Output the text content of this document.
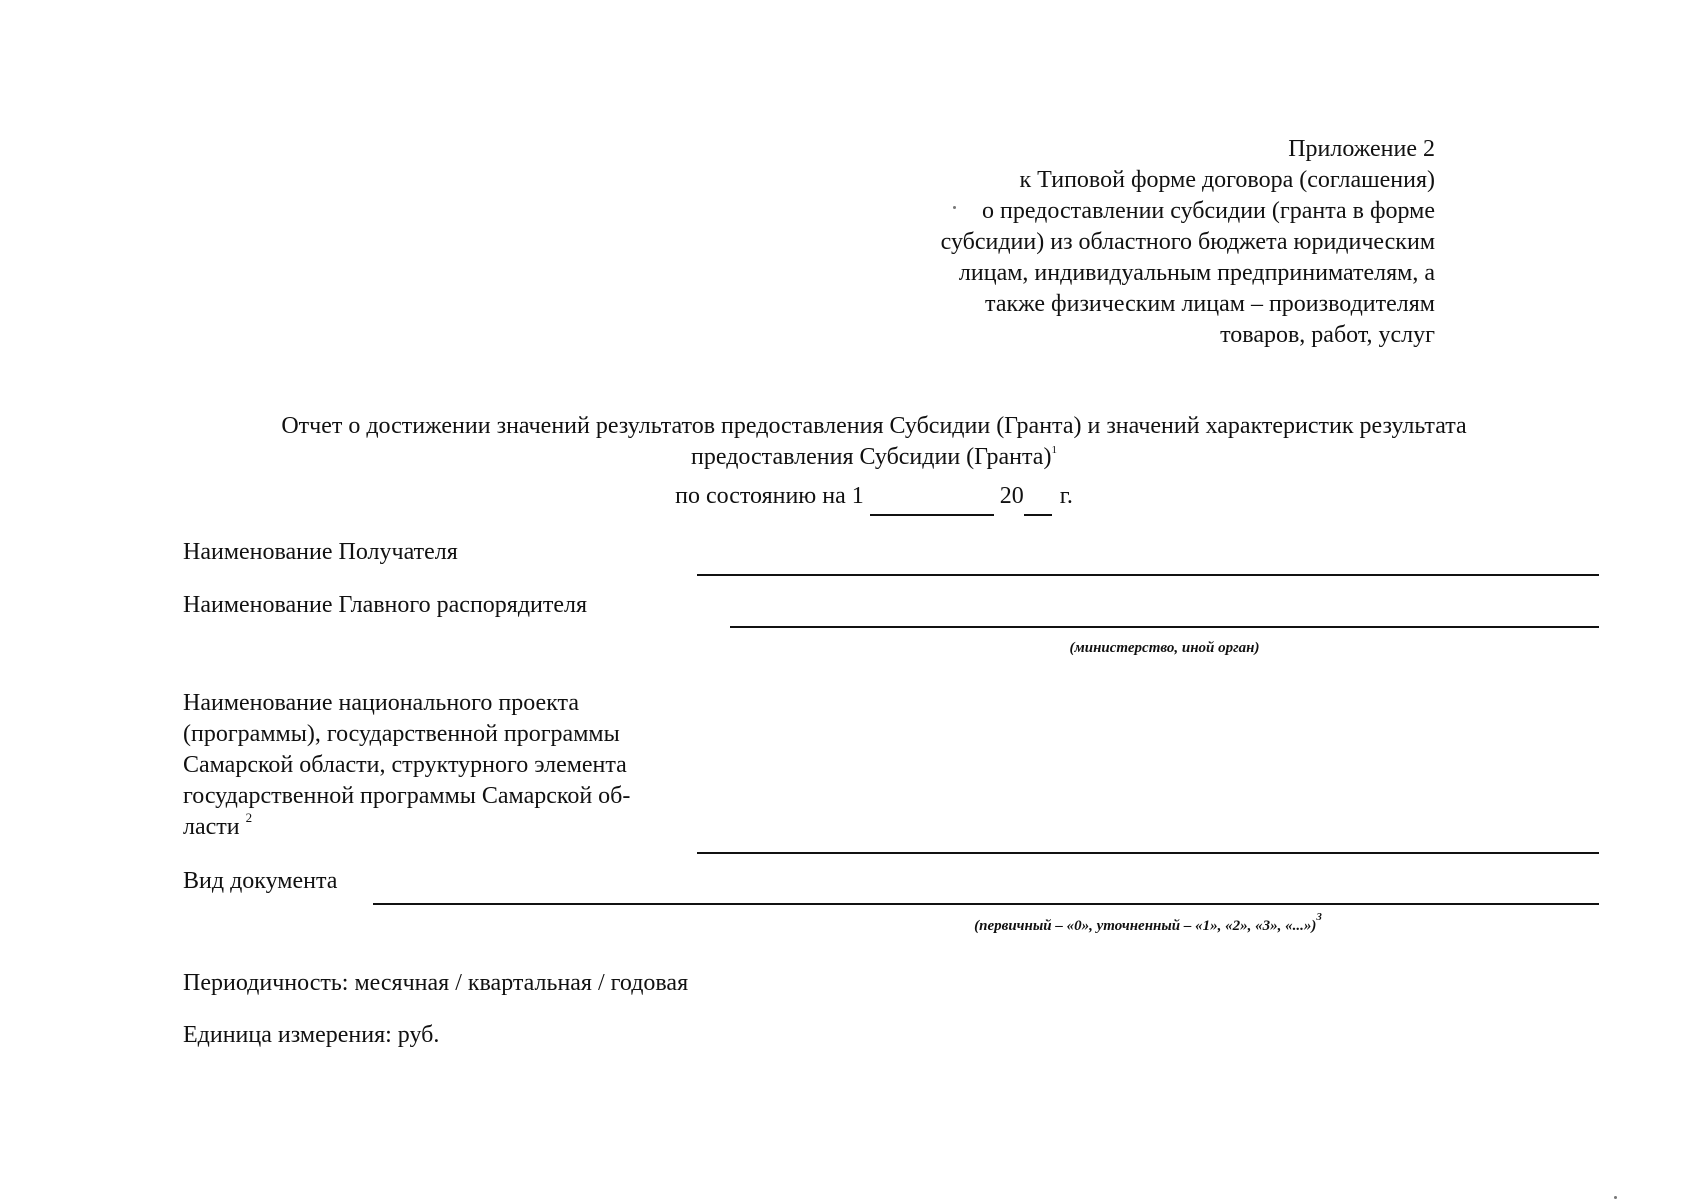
Приложение 2
к Типовой форме договора (соглашения)
о предоставлении субсидии (гранта в форме
субсидии) из областного бюджета юридическим
лицам, индивидуальным предпринимателям, а
также физическим лицам – производителям
товаров, работ, услуг
Отчет о достижении значений результатов предоставления Субсидии (Гранта) и значений характеристик результата
предоставления Субсидии (Гранта)$^1$
по состоянию на 1	20 г.
Наименование Получателя
Наименование Главного распорядителя
(министерство, иной орган)
Наименование национального проекта
(программы), государственной программы
Самарской области, структурного элемента
государственной программы Самарской об-
ласти $^2$
Вид документа
(первичный – «0», уточненный – «1», «2», «3», «...»)$^3$
Периодичность: месячная / квартальная / годовая
Единица измерения: руб.
